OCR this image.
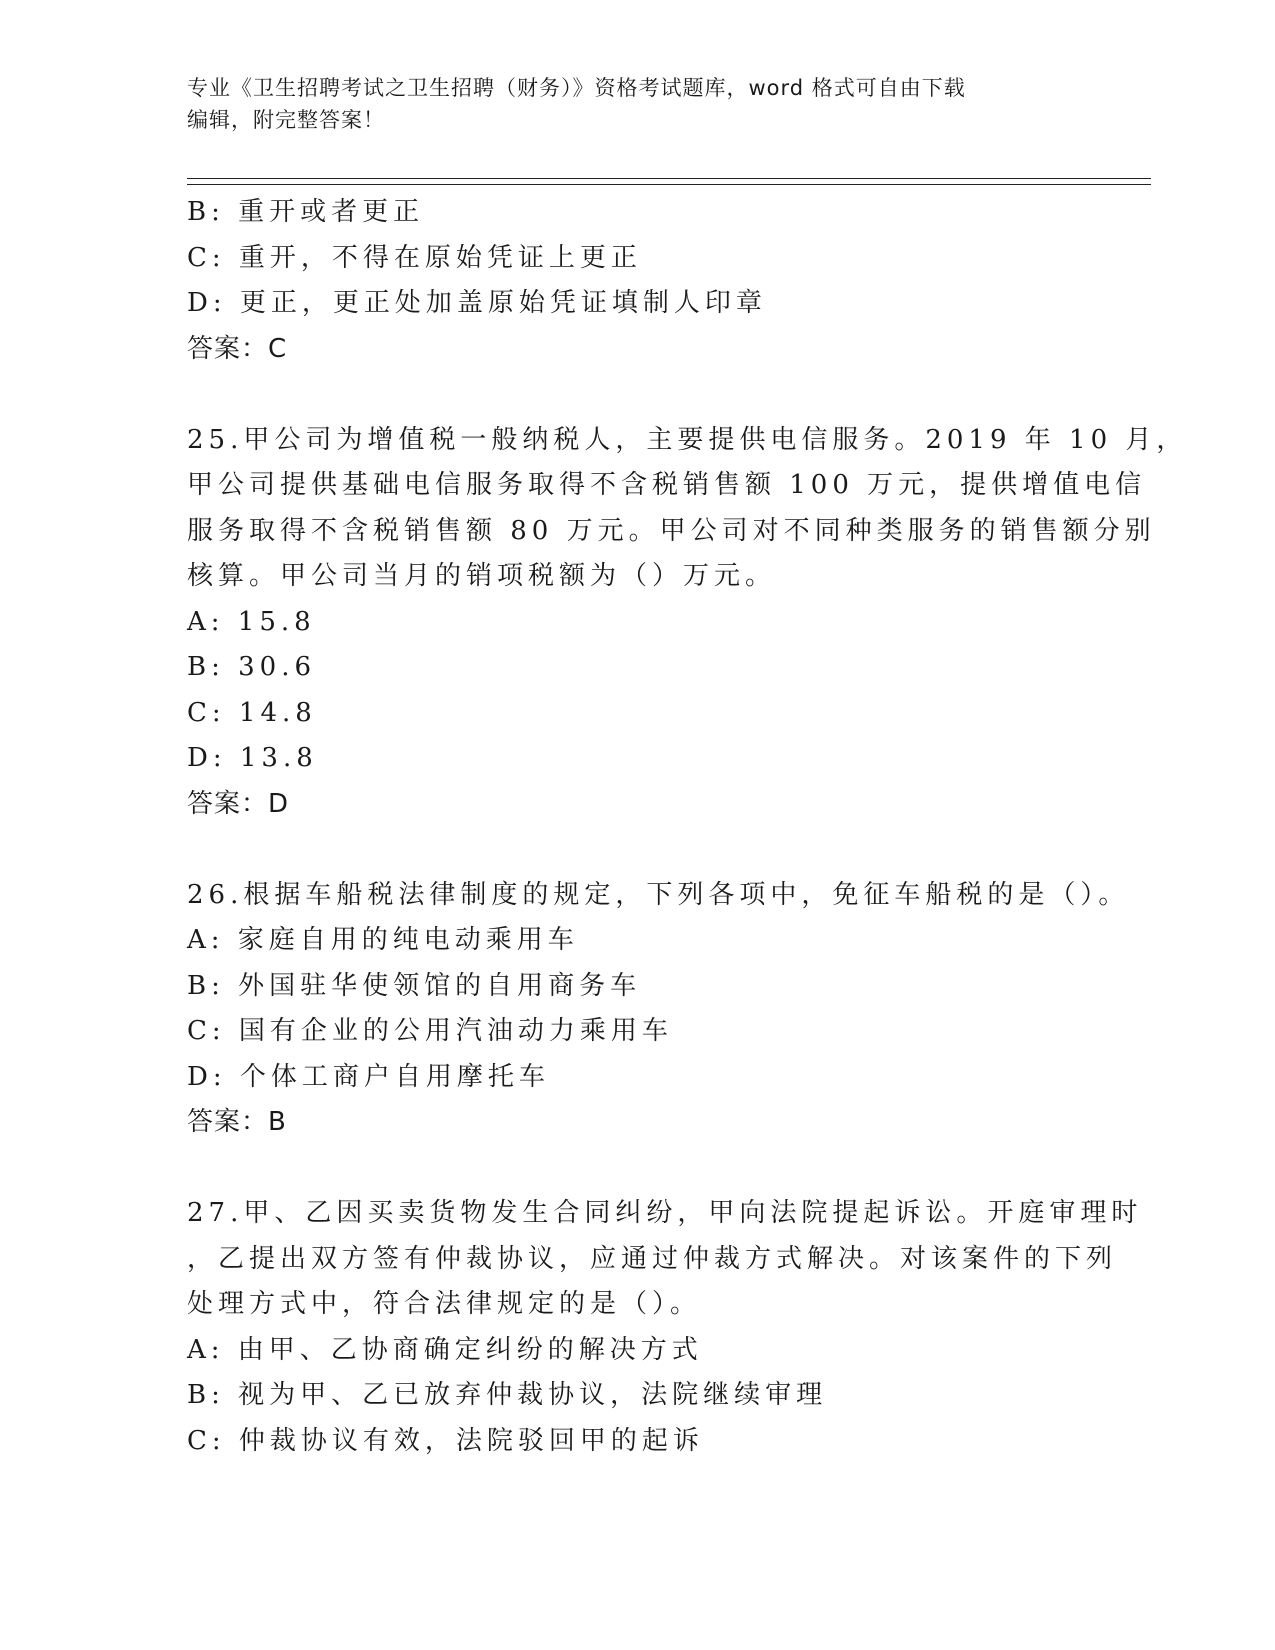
专业《卫生招聘考试之卫生招聘（财务）》资格考试题库，word 格式可自由下载
编辑，附完整答案！
B: 重开或者更正
C: 重开，不得在原始凭证上更正
D: 更正，更正处加盖原始凭证填制人印章
答案：C
25.甲公司为增值税一般纳税人，主要提供电信服务。2019 年 10 月，
甲公司提供基础电信服务取得不含税销售额 100 万元，提供增值电信
服务取得不含税销售额 80 万元。甲公司对不同种类服务的销售额分别
核算。甲公司当月的销项税额为（）万元。
A: 15.8
B: 30.6
C: 14.8
D: 13.8
答案：D
26.根据车船税法律制度的规定，下列各项中，免征车船税的是（）。
A: 家庭自用的纯电动乘用车
B: 外国驻华使领馆的自用商务车
C: 国有企业的公用汽油动力乘用车
D: 个体工商户自用摩托车
答案：B
27.甲、乙因买卖货物发生合同纠纷，甲向法院提起诉讼。开庭审理时
，乙提出双方签有仲裁协议，应通过仲裁方式解决。对该案件的下列
处理方式中，符合法律规定的是（）。
A: 由甲、乙协商确定纠纷的解决方式
B: 视为甲、乙已放弃仲裁协议，法院继续审理
C: 仲裁协议有效，法院驳回甲的起诉
